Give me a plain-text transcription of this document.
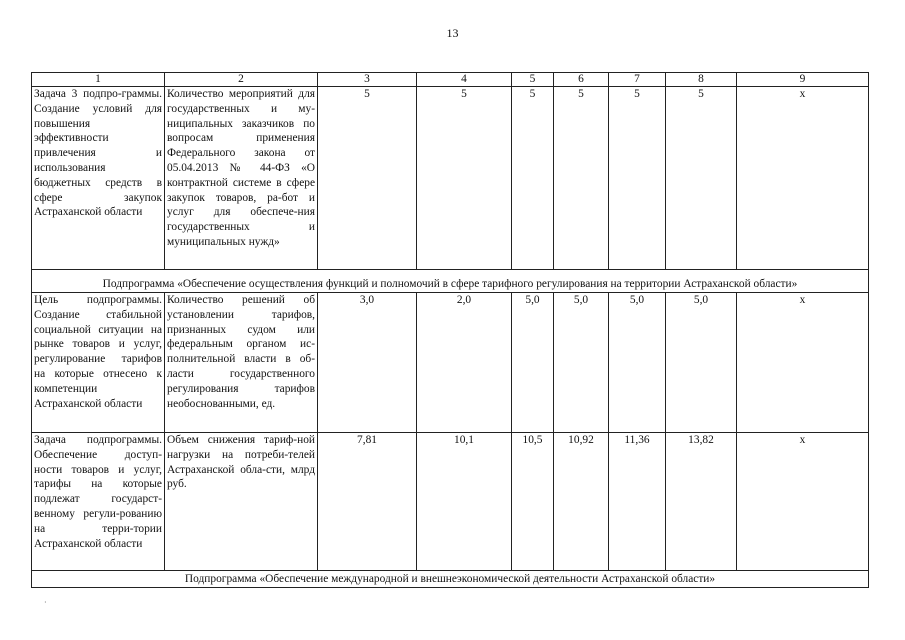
13
1	2	3	4	5	6	7	8	9
Задача 3 подпро-граммы. Создание условий для повышения эффективности привлечения и использования бюджетных средств в сфере закупок Астраханской области	Количество мероприятий для государственных и му-ниципальных заказчиков по вопросам применения Федерального закона от 05.04.2013 № 44-ФЗ «О контрактной системе в сфере закупок товаров, ра-бот и услуг для обеспече-ния государственных и муниципальных нужд»	5	5	5	5	5	5	x
Подпрограмма «Обеспечение осуществления функций и полномочий в сфере тарифного регулирования на территории Астраханской области»								
Цель подпрограммы. Создание стабильной социальной ситуации на рынке товаров и услуг, регулирование тарифов на которые отнесено к компетенции Астраханской области	Количество решений об установлении тарифов, признанных судом или федеральным органом ис-полнительной власти в об-ласти государственного регулирования тарифов необоснованными, ед.	3,0	2,0	5,0	5,0	5,0	5,0	x
Задача подпрограммы. Обеспечение доступ-ности товаров и услуг, тарифы на которые подлежат государст-венному регули-рованию на терри-тории Астраханской области	Объем снижения тариф-ной нагрузки на потреби-телей Астраханской обла-сти, млрд руб.	7,81	10,1	10,5	10,92	11,36	13,82	x
Подпрограмма «Обеспечение международной и внешнеэкономической деятельности Астраханской области»								
·
